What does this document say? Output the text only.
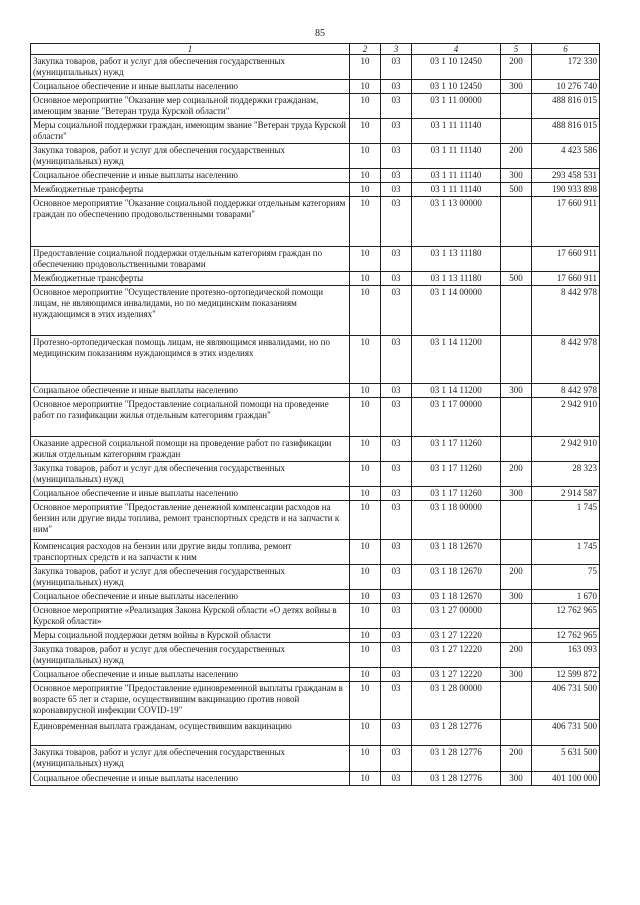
85
1	2	3	4	5	6
Закупка товаров, работ и услуг для обеспечения государственных (муниципальных) нужд	10	03	03 1 10 12450	200	172 330
Социальное обеспечение и иные выплаты населению	10	03	03 1 10 12450	300	10 276 740
Основное мероприятие "Оказание мер социальной поддержки гражданам, имеющим звание "Ветеран труда Курской области"	10	03	03 1 11 00000		488 816 015
Меры социальной поддержки граждан, имеющим звание "Ветеран труда Курской области"	10	03	03 1 11 11140		488 816 015
Закупка товаров, работ и услуг для обеспечения государственных (муниципальных) нужд	10	03	03 1 11 11140	200	4 423 586
Социальное обеспечение и иные выплаты населению	10	03	03 1 11 11140	300	293 458 531
Межбюджетные трансферты	10	03	03 1 11 11140	500	190 933 898
Основное мероприятие "Оказание социальной поддержки отдельным категориям граждан по обеспечению продовольственными товарами"	10	03	03 1 13 00000		17 660 911
Предоставление социальной поддержки отдельным категориям граждан по обеспечению продовольственными товарами	10	03	03 1 13 11180		17 660 911
Межбюджетные трансферты	10	03	03 1 13 11180	500	17 660 911
Основное мероприятие "Осуществление протезно-ортопедической помощи лицам, не являющимся инвалидами, но по медицинским показаниям нуждающимся в этих изделиях"	10	03	03 1 14 00000		8 442 978
Протезно-ортопедическая помощь лицам, не являющимся инвалидами, но по медицинским показаниям нуждающимся в этих изделиях	10	03	03 1 14 11200		8 442 978
Социальное обеспечение и иные выплаты населению	10	03	03 1 14 11200	300	8 442 978
Основное мероприятие "Предоставление социальной помощи на проведение работ по газификации жилья отдельным категориям граждан"	10	03	03 1 17 00000		2 942 910
Оказание адресной социальной помощи на проведение работ по газификации жилья отдельным категориям граждан	10	03	03 1 17 11260		2 942 910
Закупка товаров, работ и услуг для обеспечения государственных (муниципальных) нужд	10	03	03 1 17 11260	200	28 323
Социальное обеспечение и иные выплаты населению	10	03	03 1 17 11260	300	2 914 587
Основное мероприятие "Предоставление денежной компенсации расходов на бензин или другие виды топлива, ремонт транспортных средств и на запчасти к ним"	10	03	03 1 18 00000		1 745
Компенсация расходов на бензин или другие виды топлива, ремонт транспортных средств и на запчасти к ним	10	03	03 1 18 12670		1 745
Закупка товаров, работ и услуг для обеспечения государственных (муниципальных) нужд	10	03	03 1 18 12670	200	75
Социальное обеспечение и иные выплаты населению	10	03	03 1 18 12670	300	1 670
Основное мероприятие «Реализация Закона Курской области «О детях войны в Курской области»	10	03	03 1 27 00000		12 762 965
Меры социальной поддержки детям войны в Курской области	10	03	03 1 27 12220		12 762 965
Закупка товаров, работ и услуг для обеспечения государственных (муниципальных) нужд	10	03	03 1 27 12220	200	163 093
Социальное обеспечение и иные выплаты населению	10	03	03 1 27 12220	300	12 599 872
Основное мероприятие "Предоставление единовременной выплаты гражданам в возрасте 65 лет и старше, осуществившим вакцинацию против новой коронавирусной инфекции COVID-19"	10	03	03 1 28 00000		406 731 500
Единовременная выплата гражданам, осуществившим вакцинацию	10	03	03 1 28 12776		406 731 500
Закупка товаров, работ и услуг для обеспечения государственных (муниципальных) нужд	10	03	03 1 28 12776	200	5 631 500
Социальное обеспечение и иные выплаты населению	10	03	03 1 28 12776	300	401 100 000
